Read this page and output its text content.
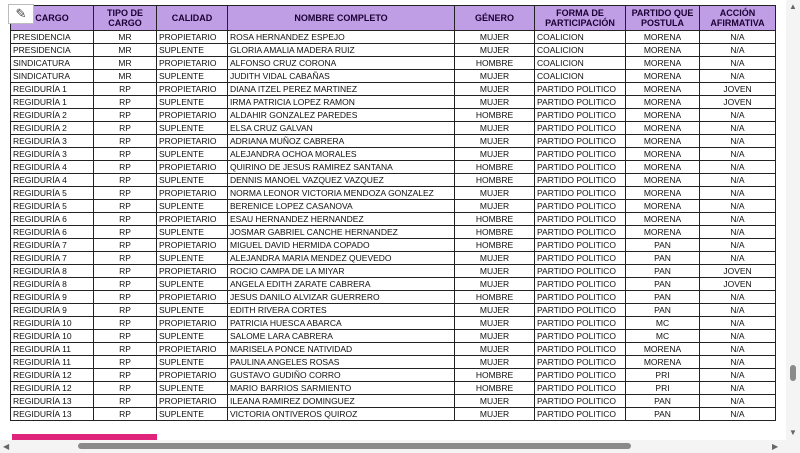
CARGO	TIPO DE CARGO	CALIDAD	NOMBRE COMPLETO	GÉNERO	FORMA DE PARTICIPACIÓN	PARTIDO QUE POSTULA	ACCIÓN AFIRMATIVA
PRESIDENCIA	MR	PROPIETARIO	ROSA HERNANDEZ ESPEJO	MUJER	COALICION	MORENA	N/A
PRESIDENCIA	MR	SUPLENTE	GLORIA AMALIA MADERA RUIZ	MUJER	COALICION	MORENA	N/A
SINDICATURA	MR	PROPIETARIO	ALFONSO CRUZ CORONA	HOMBRE	COALICION	MORENA	N/A
SINDICATURA	MR	SUPLENTE	JUDITH VIDAL CABAÑAS	MUJER	COALICION	MORENA	N/A
REGIDURÍA 1	RP	PROPIETARIO	DIANA ITZEL PEREZ MARTINEZ	MUJER	PARTIDO POLITICO	MORENA	JOVEN
REGIDURÍA 1	RP	SUPLENTE	IRMA PATRICIA LOPEZ RAMON	MUJER	PARTIDO POLITICO	MORENA	JOVEN
REGIDURÍA 2	RP	PROPIETARIO	ALDAHIR GONZALEZ PAREDES	HOMBRE	PARTIDO POLITICO	MORENA	N/A
REGIDURÍA 2	RP	SUPLENTE	ELSA CRUZ GALVAN	MUJER	PARTIDO POLITICO	MORENA	N/A
REGIDURÍA 3	RP	PROPIETARIO	ADRIANA MUÑOZ CABRERA	MUJER	PARTIDO POLITICO	MORENA	N/A
REGIDURÍA 3	RP	SUPLENTE	ALEJANDRA OCHOA MORALES	MUJER	PARTIDO POLITICO	MORENA	N/A
REGIDURÍA 4	RP	PROPIETARIO	QUIRINO DE JESUS RAMIREZ SANTANA	HOMBRE	PARTIDO POLITICO	MORENA	N/A
REGIDURÍA 4	RP	SUPLENTE	DENNIS MANOEL VAZQUEZ VAZQUEZ	HOMBRE	PARTIDO POLITICO	MORENA	N/A
REGIDURÍA 5	RP	PROPIETARIO	NORMA LEONOR VICTORIA MENDOZA GONZALEZ	MUJER	PARTIDO POLITICO	MORENA	N/A
REGIDURÍA 5	RP	SUPLENTE	BERENICE LOPEZ CASANOVA	MUJER	PARTIDO POLITICO	MORENA	N/A
REGIDURÍA 6	RP	PROPIETARIO	ESAU HERNANDEZ HERNANDEZ	HOMBRE	PARTIDO POLITICO	MORENA	N/A
REGIDURÍA 6	RP	SUPLENTE	JOSMAR GABRIEL CANCHE HERNANDEZ	HOMBRE	PARTIDO POLITICO	MORENA	N/A
REGIDURÍA 7	RP	PROPIETARIO	MIGUEL DAVID HERMIDA COPADO	HOMBRE	PARTIDO POLITICO	PAN	N/A
REGIDURÍA 7	RP	SUPLENTE	ALEJANDRA MARIA MENDEZ QUEVEDO	MUJER	PARTIDO POLITICO	PAN	N/A
REGIDURÍA 8	RP	PROPIETARIO	ROCIO CAMPA DE LA MIYAR	MUJER	PARTIDO POLITICO	PAN	JOVEN
REGIDURÍA 8	RP	SUPLENTE	ANGELA EDITH ZARATE CABRERA	MUJER	PARTIDO POLITICO	PAN	JOVEN
REGIDURÍA 9	RP	PROPIETARIO	JESUS DANILO ALVIZAR GUERRERO	HOMBRE	PARTIDO POLITICO	PAN	N/A
REGIDURÍA 9	RP	SUPLENTE	EDITH RIVERA CORTES	MUJER	PARTIDO POLITICO	PAN	N/A
REGIDURÍA 10	RP	PROPIETARIO	PATRICIA HUESCA ABARCA	MUJER	PARTIDO POLITICO	MC	N/A
REGIDURÍA 10	RP	SUPLENTE	SALOME LARA CABRERA	MUJER	PARTIDO POLITICO	MC	N/A
REGIDURÍA 11	RP	PROPIETARIO	MARISELA PONCE NATIVIDAD	MUJER	PARTIDO POLITICO	MORENA	N/A
REGIDURÍA 11	RP	SUPLENTE	PAULINA ANGELES ROSAS	MUJER	PARTIDO POLITICO	MORENA	N/A
REGIDURÍA 12	RP	PROPIETARIO	GUSTAVO GUDIÑO CORRO	HOMBRE	PARTIDO POLITICO	PRI	N/A
REGIDURÍA 12	RP	SUPLENTE	MARIO BARRIOS SARMIENTO	HOMBRE	PARTIDO POLITICO	PRI	N/A
REGIDURÍA 13	RP	PROPIETARIO	ILEANA RAMIREZ DOMINGUEZ	MUJER	PARTIDO POLITICO	PAN	N/A
REGIDURÍA 13	RP	SUPLENTE	VICTORIA ONTIVEROS QUIROZ	MUJER	PARTIDO POLITICO	PAN	N/A
✎	▲
▼
◀	▶
